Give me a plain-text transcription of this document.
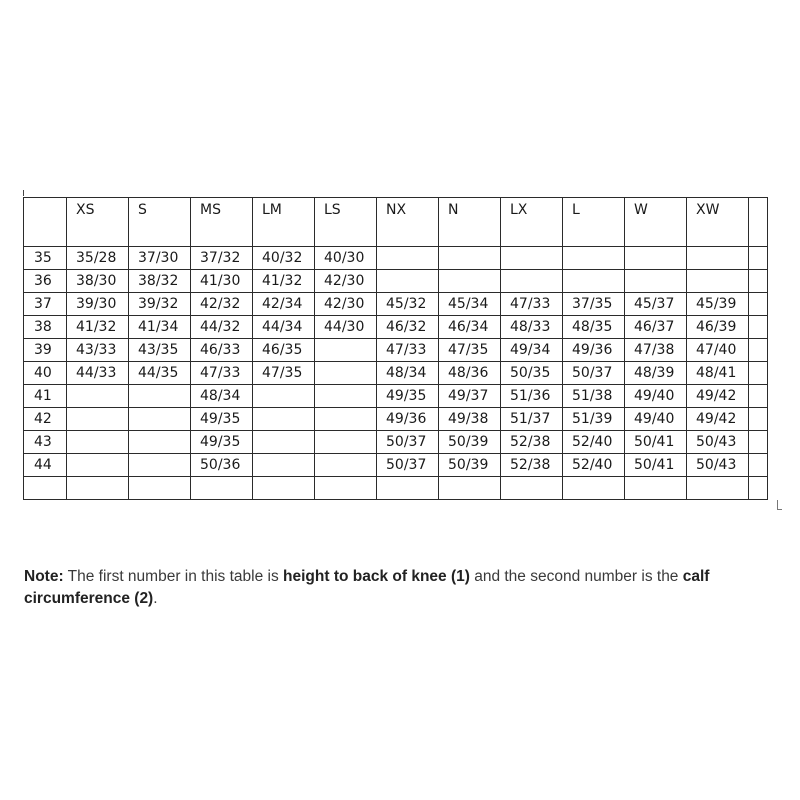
	XS	S	MS	LM	LS	NX	N	LX	L	W	XW	
35	35/28	37/30	37/32	40/32	40/30							
36	38/30	38/32	41/30	41/32	42/30							
37	39/30	39/32	42/32	42/34	42/30	45/32	45/34	47/33	37/35	45/37	45/39	
38	41/32	41/34	44/32	44/34	44/30	46/32	46/34	48/33	48/35	46/37	46/39	
39	43/33	43/35	46/33	46/35		47/33	47/35	49/34	49/36	47/38	47/40	
40	44/33	44/35	47/33	47/35		48/34	48/36	50/35	50/37	48/39	48/41	
41			48/34			49/35	49/37	51/36	51/38	49/40	49/42	
42			49/35			49/36	49/38	51/37	51/39	49/40	49/42	
43			49/35			50/37	50/39	52/38	52/40	50/41	50/43	
44			50/36			50/37	50/39	52/38	52/40	50/41	50/43	

Note: The first number in this table is height to back of knee (1) and the second number is the calf circumference (2).
